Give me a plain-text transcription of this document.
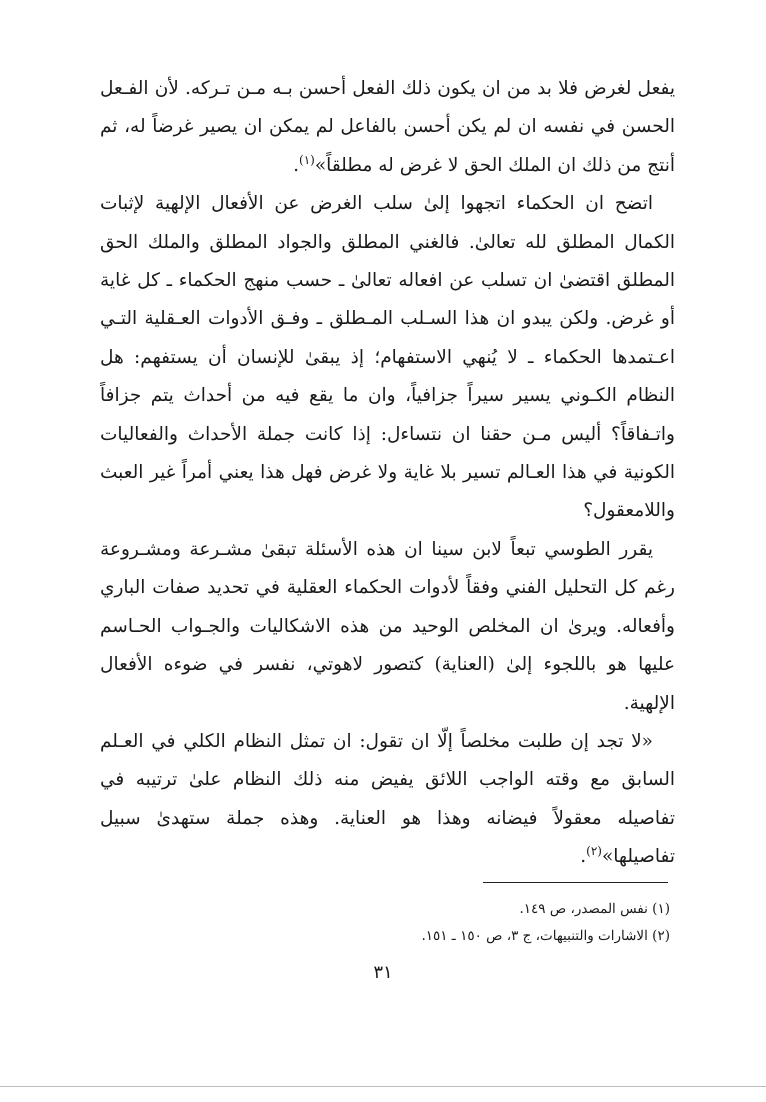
يفعل لغرض فلا بد من ان يكون ذلك الفعل أحسن بـه مـن تـركه. لأن الفـعل الحسن في نفسه ان لم يكن أحسن بالفاعل لم يمكن ان يصير غرضاً له، ثم أنتج من ذلك ان الملك الحق لا غرض له مطلقاً»$^{(١)}$.

اتضح ان الحكماء اتجهوا إلىٰ سلب الغرض عن الأفعال الإلهية لإثبات الكمال المطلق لله تعالىٰ. فالغني المطلق والجواد المطلق والملك الحق المطلق اقتضىٰ ان تسلب عن افعاله تعالىٰ ـ حسب منهج الحكماء ـ كل غاية أو غرض. ولكن يبدو ان هذا السـلب المـطلق ـ وفـق الأدوات العـقلية التـي اعـتمدها الحكماء ـ لا يُنهي الاستفهام؛ إذ يبقىٰ للإنسان أن يستفهم: هل النظام الكـوني يسير سيراً جزافياً، وان ما يقع فيه من أحداث يتم جزافاً واتـفاقاً؟ أليس مـن حقنا ان نتساءل: إذا كانت جملة الأحداث والفعاليات الكونية في هذا العـالم تسير بلا غاية ولا غرض فهل هذا يعني أمراً غير العبث واللامعقول؟

يقرر الطوسي تبعاً لابن سينا ان هذه الأسئلة تبقىٰ مشـرعة ومشـروعة رغم كل التحليل الفني وفقاً لأدوات الحكماء العقلية في تحديد صفات الباري وأفعاله. ويرىٰ ان المخلص الوحيد من هذه الاشكاليات والجـواب الحـاسم عليها هو باللجوء إلىٰ (العناية) كتصور لاهوتي، نفسر في ضوءه الأفعال الإلهية.

«لا تجد إن طلبت مخلصاً إلّا ان تقول: ان تمثل النظام الكلي في العـلم السابق مع وقته الواجب اللائق يفيض منه ذلك النظام علىٰ ترتيبه في تفاصيله معقولاً فيضانه وهذا هو العناية. وهذه جملة ستهدىٰ سبيل تفاصيلها»$^{(٢)}$.

(١) نفس المصدر، ص ١٤٩.

(٢) الاشارات والتنبيهات، ج ٣، ص ١٥٠ ـ ١٥١.

٣١
